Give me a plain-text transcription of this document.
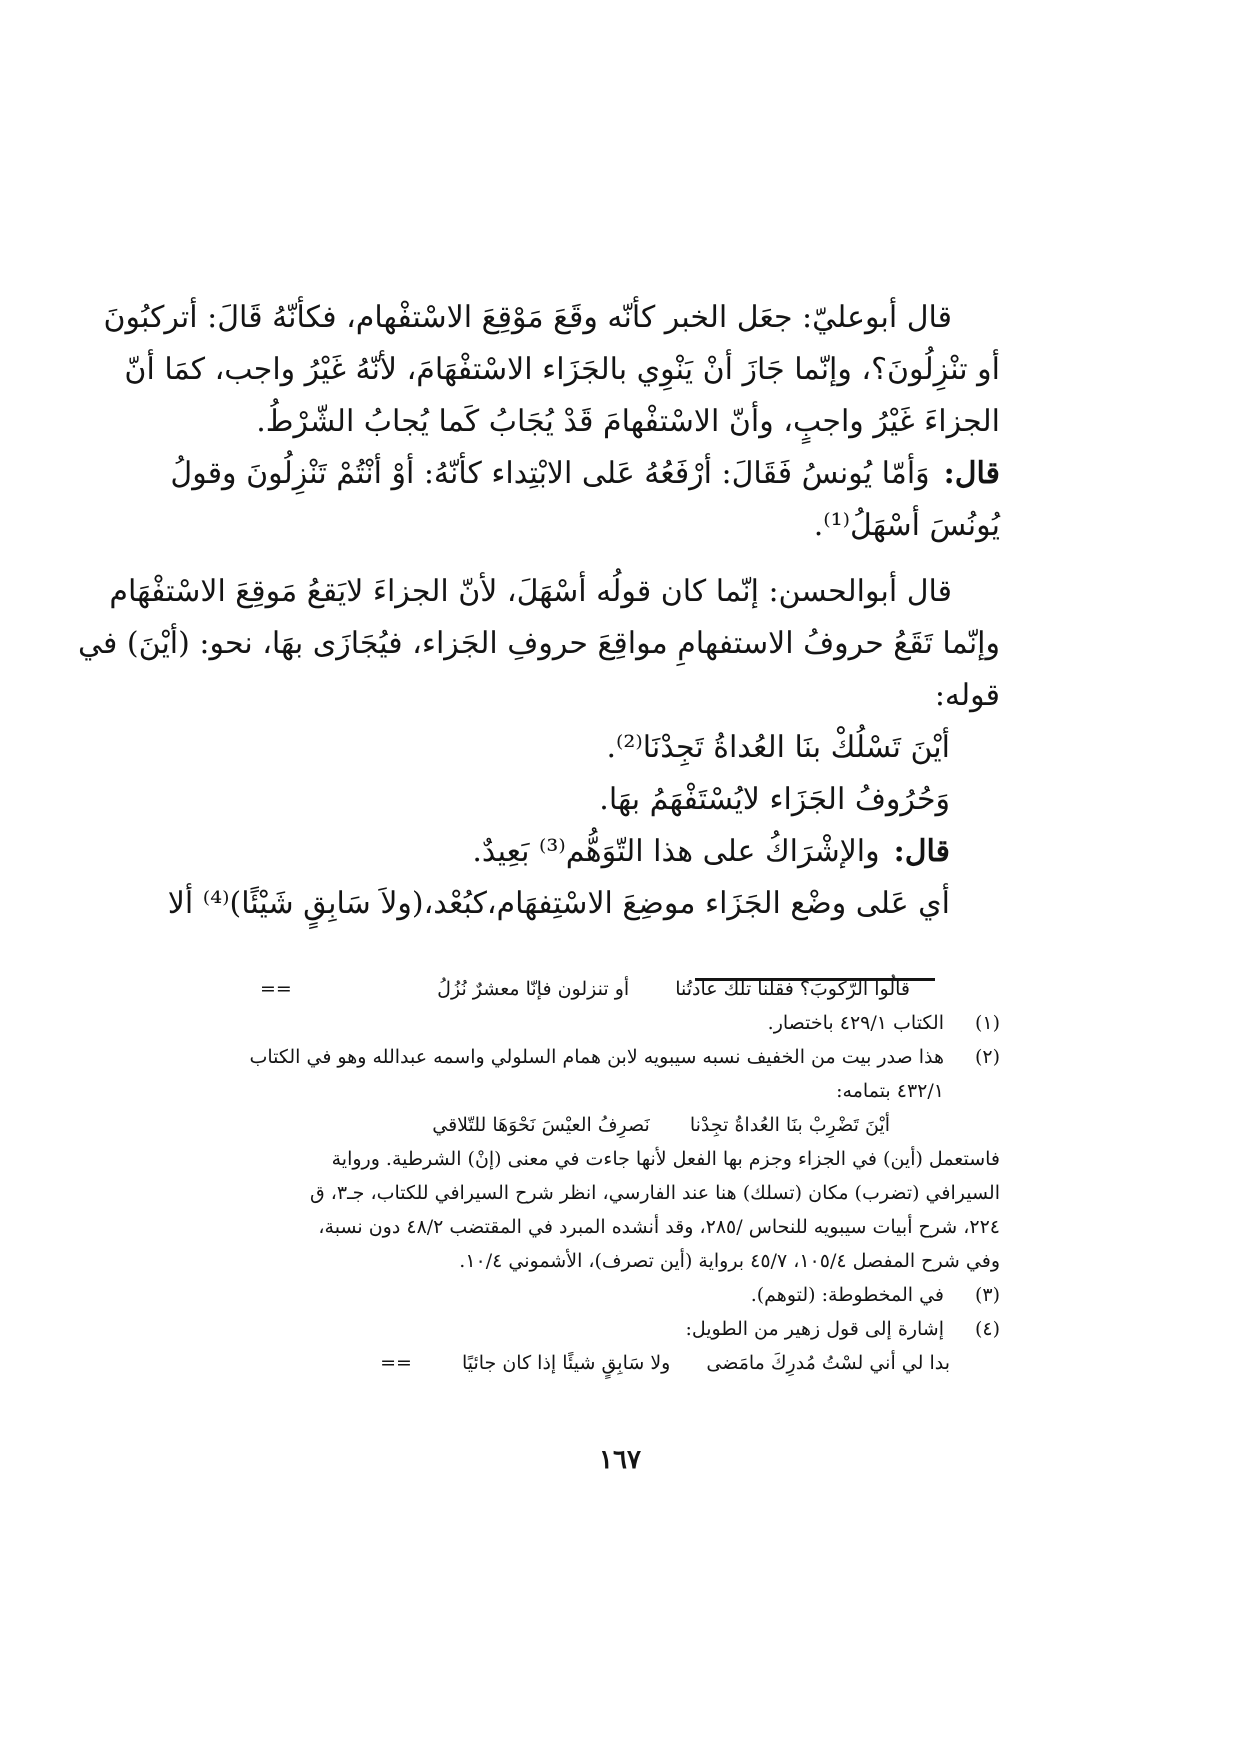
قال أبوعليّ: جعَل الخبر كأنّه وقَعَ مَوْقِعَ الاسْتفْهام، فكأنّهُ قَالَ: أتركبُونَ
أو تنْزِلُونَ؟، وإنّما جَازَ أنْ يَنْوِي بالجَزَاء الاسْتفْهَامَ، لأنّهُ غَيْرُ واجب، كمَا أنّ
الجزاءَ غَيْرُ واجبٍ، وأنّ الاسْتفْهامَ قَدْ يُجَابُ كَما يُجابُ الشّرْطُ.
قال:وَأمّا يُونسُ فَقَالَ: أرْفَعُهُ عَلى الابْتِداء كأنّهُ: أوْ أنْتُمْ تَنْزِلُونَ وقولُ
يُونُسَ أسْهَلُ⁽¹⁾.
قال أبوالحسن: إنّما كان قولُه أسْهَلَ، لأنّ الجزاءَ لايَقعُ مَوقِعَ الاسْتفْهَام
وإنّما تَقَعُ حروفُ الاستفهامِ مواقِعَ حروفِ الجَزاء، فيُجَازَى بهَا، نحو: (أيْنَ) في
قوله:
أيْنَ تَسْلُكْ بنَا العُداةُ تَجِدْنَا⁽²⁾.
وَحُرُوفُ الجَزَاء لايُسْتَفْهَمُ بهَا.
قال:والإشْرَاكُ على هذا التّوَهُّم⁽³⁾ بَعِيدٌ.
أي عَلى وضْع الجَزَاء موضِعَ الاسْتِفهَام،كبُعْد،(ولاَ سَابِقٍ شَيْئًا)⁽⁴⁾ ألا
قالُوا الرّكوبَ؟ فقلنا تلك عادتُنا أو تنزلون فإنّا معشرٌ نُزُلُ
==
(١)
الكتاب ٤٢٩/١ باختصار.
(٢)
هذا صدر بيت من الخفيف نسبه سيبويه لابن همام السلولي واسمه عبدالله وهو في الكتاب
٤٣٢/١ بتمامه:
أيْنَ تَضْرِبْ بنَا العُداةُ تجِدْنا نَصرِفُ العيْسَ نَحْوَهَا للتّلاقي
فاستعمل (أين) في الجزاء وجزم بها الفعل لأنها جاءت في معنى (إنْ) الشرطية. ورواية
السيرافي (تضرب) مكان (تسلك) هنا عند الفارسي، انظر شرح السيرافي للكتاب، جـ٣، ق
٢٢٤، شرح أبيات سيبويه للنحاس /٢٨٥، وقد أنشده المبرد في المقتضب ٤٨/٢ دون نسبة،
وفي شرح المفصل ١٠٥/٤، ٤٥/٧ برواية (أين تصرف)، الأشموني ١٠/٤.
(٣)
في المخطوطة: (لتوهم).
(٤)
إشارة إلى قول زهير من الطويل:
بدا لي أني لسْتُ مُدرِكَ مامَضى ولا سَابِقٍ شيئًا إذا كان جائيًا ==
١٦٧
